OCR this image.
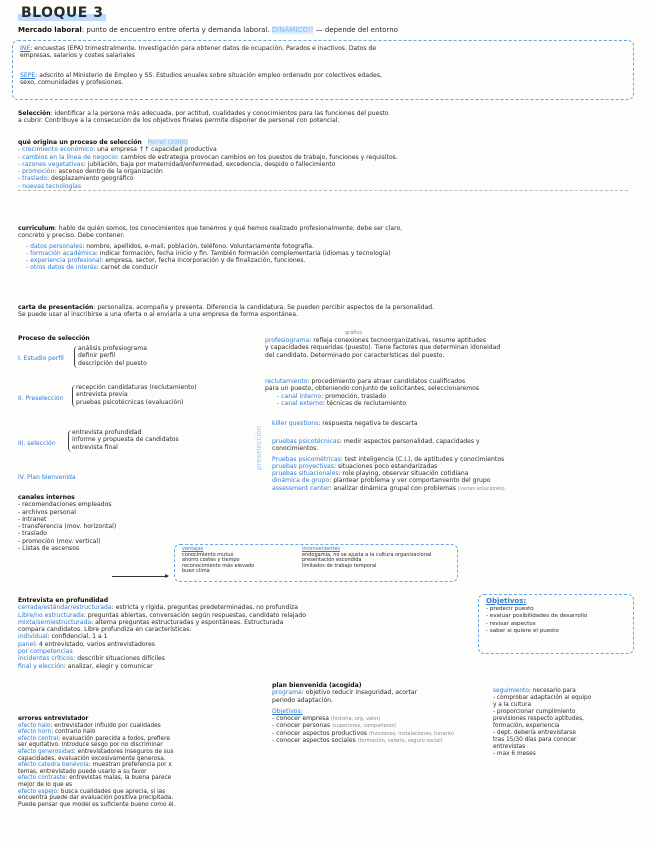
BLOQUE 3
Mercado laboral: punto de encuentro entre oferta y demanda laboral. DINÁMICO!! — depende del entorno
INE: encuestas (EPA) trimestralmente. Investigación para obtener datos de ocupación, Parados e inactivos. Datos de
empresas, salarios y costes salariales
SEPE: adscrito al Ministerio de Empleo y SS. Estudios anuales sobre situación empleo ordenado por colectivos edades,
sexo, comunidades y profesiones.
Selección: identificar a la persona más adecuada, por actitud, cualidades y conocimientos para las funciones del puesto
a cubrir. Contribuye a la consecución de los objetivos finales permite disponer de personal con potencial.
qué origina un proceso de selección Porret (2006)
- crecimiento económico: una empresa ↑↑ capacidad productiva
- cambios en la línea de negocio: cambios de estrategia provocan cambios en los puestos de trabajo, funciones y requisitos.
- razones vegetativas: jubilación, baja por maternidad/enfermedad, excedencia, despido o fallecimiento
- promoción: ascenso dentro de la organización
- traslado: desplazamiento geográfico
- nuevas tecnologías
curriculum: hablo de quién somos, los conocimientos que tenemos y qué hemos realizado profesionalmente, debe ser claro,
concreto y preciso. Debe contener:
- datos personales: nombre, apellidos, e-mail, población, teléfono. Voluntariamente fotografía.
- formación académica: indicar formación, fecha inicio y fin. También formación complementaria (idiomas y tecnología)
- experiencia profesional: empresa, sector, fecha incorporación y de finalización, funciones.
- otros datos de interés: carnet de conducir
carta de presentación: personaliza, acompaña y presenta. Diferencia la candidatura. Se pueden percibir aspectos de la personalidad.
Se puede usar al inscribirse a una oferta o al enviarla a una empresa de forma espontánea.
Proceso de selección
I. Estudio perfil
análisis profesiograma
definir perfil
descripción del puesto
II. Preselección
recepción candidaturas (reclutamiento)
entrevista previa
pruebas psicotécnicas (evaluación)
III. selección
entrevista profundidad
informe y propuesta de candidatos
entrevista final
IV. Plan bienvenida
canales internos
- recomendaciones empleados
- archivos personal
- Intranet
- transferencia (mov. horizontal)
- traslado
- promoción (mov. vertical)
- Listas de ascensos	ventajas
conocimiento mutuo
ahorro costes y tiempo
reconocimiento más elevado
buen clima
inconvenientes
endogamia, no se ajusta a la cultura organizacional
presentación escondida
limitados de trabajo temporal
preselección
gráfico
profesiograma: refleja conexiones tecnoorganizativas, resume aptitudes
y capacidades requeridas (puesto). Tiene factores que determinan idoneidad
del candidato. Determinado por características del puesto.
reclutamiento: procedimiento para atraer candidatos cualificados
para un puesto, obteniendo conjunto de solicitantes, seleccionaremos
- canal interno: promoción, traslado
- canal externo: técnicas de reclutamiento
killer questions: respuesta negativa te descarta
pruebas psicotécnicas: medir aspectos personalidad, capacidades y
conocimientos.
Pruebas psicométricas: test inteligencia (C.I.), de aptitudes y conocimientos
pruebas proyectivas: situaciones poco estandarizadas
pruebas situacionales: role playing, observar situación cotidiana
dinámica de grupo: plantear problema y ver comportamiento del grupo
assessment center: analizar dinámica grupal con problemas (varias soluciones)
Entrevista en profundidad
cerrada/estándar/estructurada: estricta y rígida, preguntas predeterminadas, no profundiza
Libre/no estructurada: preguntas abiertas, conversación según respuestas, candidato relajado
mixta/semiestructurada: alterna preguntas estructuradas y espontáneas. Estructurada
compara candidatos. Libre profundiza en características.
individual: confidencial, 1 a 1
panel: 4 entrevistado, varios entrevistadores
por competencias
incidentes críticos: describir situaciones difíciles
final y elección: analizar, elegir y comunicar
errores entrevistador
efecto halo: entrevistador influido por cualidades
efecto horn: contrario halo
efecto central: evaluación parecida a todos, prefiere
ser equitativo. Introduce sesgo por no discriminar
efecto generosidad: entrevistadores inseguros de sus
capacidades, evaluación excesivamente generosa.
efecto catedra benévola: muestran preferencia por x
temas, entrevistado puede usarlo a su favor
efecto contraste: entrevistas malas, la buena parece
mejor de lo que es
efecto espejo: busca cualidades que aprecia, si las
encuentra puede dar evaluación positiva precipitada.
Puede pensar que model es suficiente bueno como él.
Objetivos:
- predecir puesto
- evaluar posibilidades de desarrollo
- revisar aspectos
- saber si quiere el puesto
plan bienvenida (acogida)
programa: objetivo reducir inseguridad, acortar
periodo adaptación.
Objetivos:
- conocer empresa (historia, org, valor)
- conocer personas (superiores, compañeros)
- conocer aspectos productivos (funciones, instalaciones, horario)
- conocer aspectos sociales (formación, salario, seguro social)
seguimiento: necesario para
- comprobar adaptación al equipo
y a la cultura
- proporcionar cumplimiento
previsiones respecto aptitudes,
formación, experiencia
- dept. debería entrevistarse
tras 15/30 días para conocer
entrevistas
- max 6 meses
